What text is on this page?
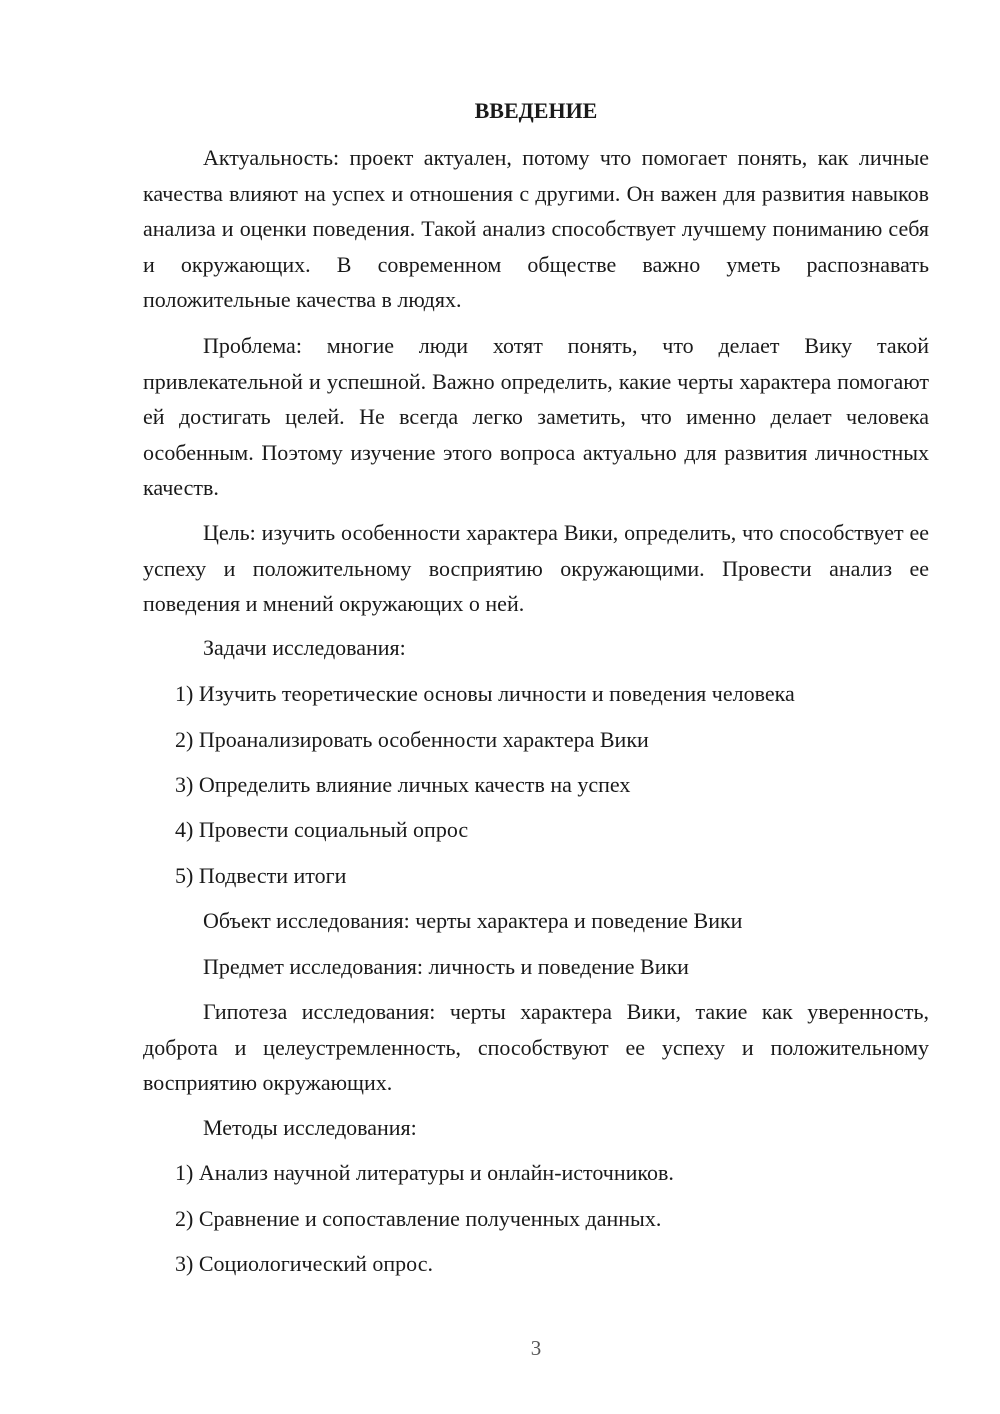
ВВЕДЕНИЕ

Актуальность: проект актуален, потому что помогает понять, как личные качества влияют на успех и отношения с другими. Он важен для развития навыков анализа и оценки поведения. Такой анализ способствует лучшему пониманию себя и окружающих. В современном обществе важно уметь распознавать положительные качества в людях.

Проблема: многие люди хотят понять, что делает Вику такой привлекательной и успешной. Важно определить, какие черты характера помогают ей достигать целей. Не всегда легко заметить, что именно делает человека особенным. Поэтому изучение этого вопроса актуально для развития личностных качеств.

Цель: изучить особенности характера Вики, определить, что способствует ее успеху и положительному восприятию окружающими. Провести анализ ее поведения и мнений окружающих о ней.

Задачи исследования:

1) Изучить теоретические основы личности и поведения человека

2) Проанализировать особенности характера Вики

3) Определить влияние личных качеств на успех

4) Провести социальный опрос

5) Подвести итоги

Объект исследования: черты характера и поведение Вики

Предмет исследования: личность и поведение Вики

Гипотеза исследования: черты характера Вики, такие как уверенность, доброта и целеустремленность, способствуют ее успеху и положительному восприятию окружающих.

Методы исследования:

1) Анализ научной литературы и онлайн-источников.

2) Сравнение и сопоставление полученных данных.

3) Социологический опрос.

3
